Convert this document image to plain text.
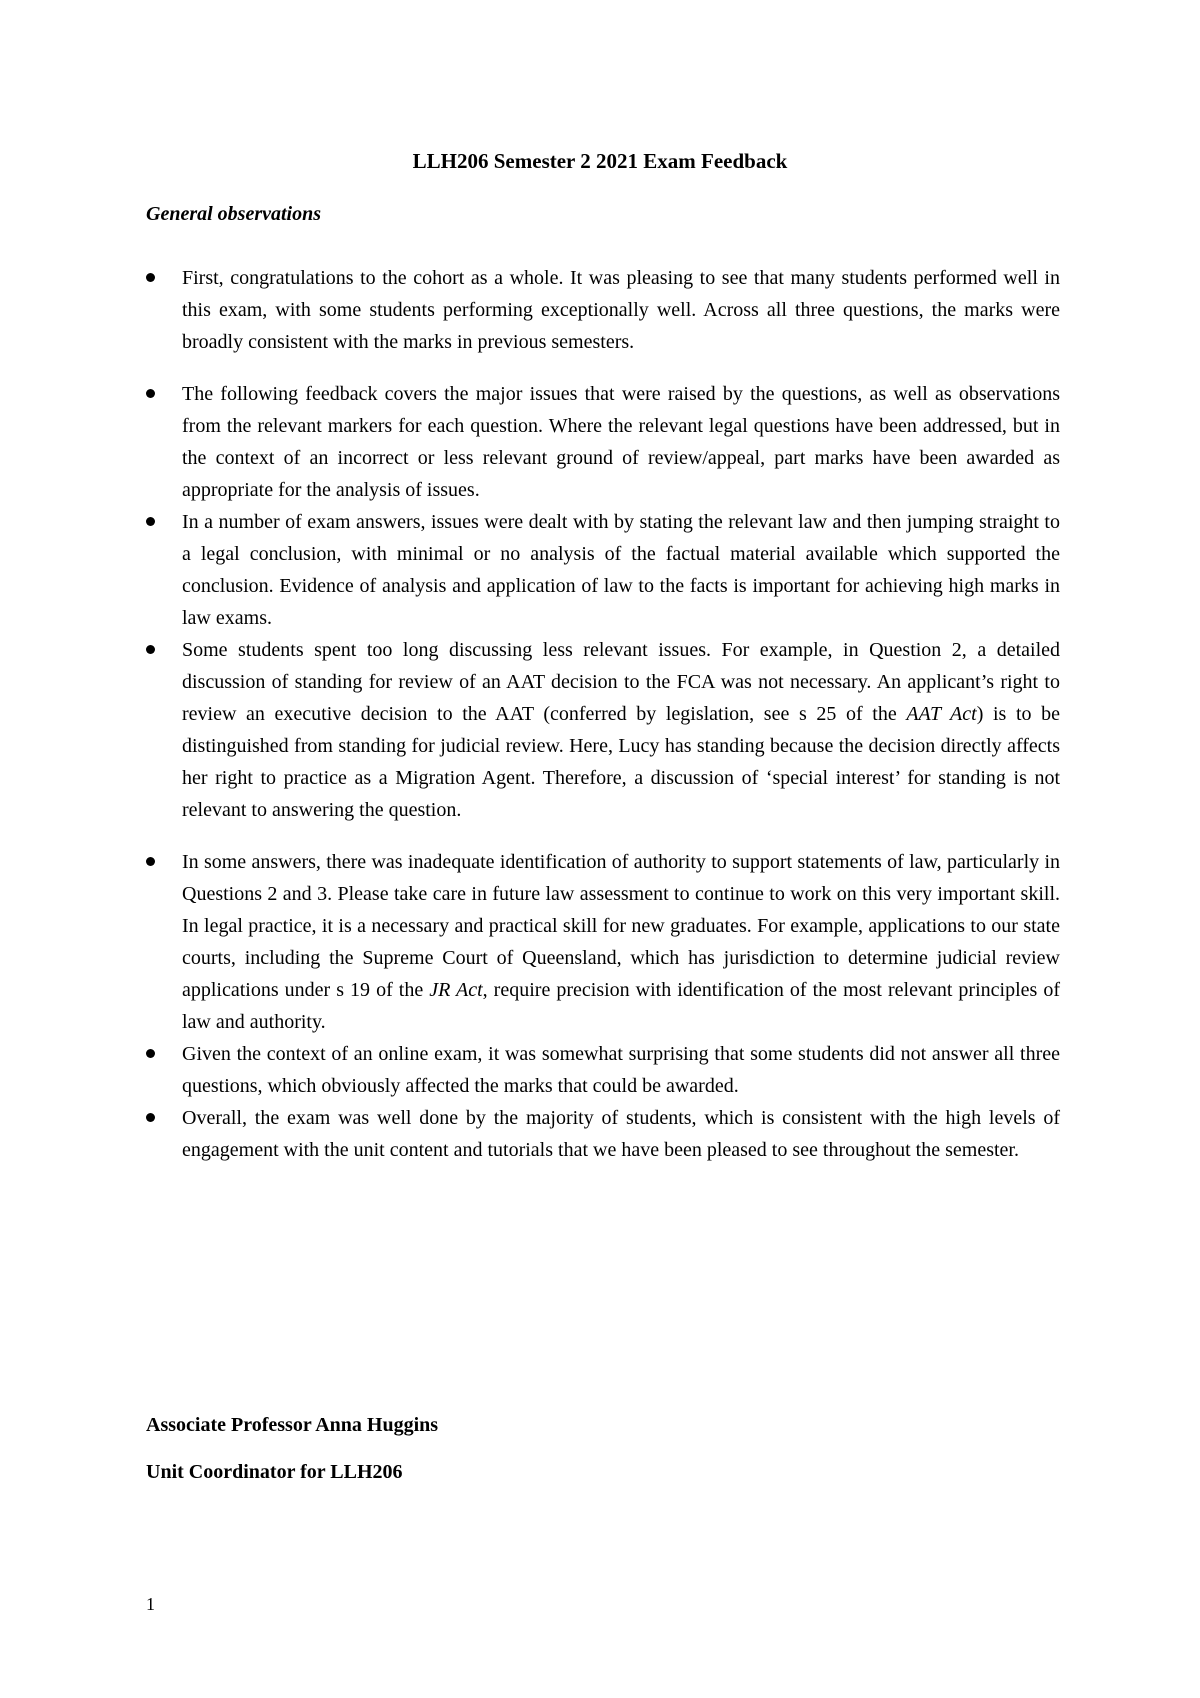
LLH206 Semester 2 2021 Exam Feedback
General observations
First, congratulations to the cohort as a whole. It was pleasing to see that many students performed well in this exam, with some students performing exceptionally well. Across all three questions, the marks were broadly consistent with the marks in previous semesters.
The following feedback covers the major issues that were raised by the questions, as well as observations from the relevant markers for each question. Where the relevant legal questions have been addressed, but in the context of an incorrect or less relevant ground of review/appeal, part marks have been awarded as appropriate for the analysis of issues.
In a number of exam answers, issues were dealt with by stating the relevant law and then jumping straight to a legal conclusion, with minimal or no analysis of the factual material available which supported the conclusion. Evidence of analysis and application of law to the facts is important for achieving high marks in law exams.
Some students spent too long discussing less relevant issues. For example, in Question 2, a detailed discussion of standing for review of an AAT decision to the FCA was not necessary. An applicant’s right to review an executive decision to the AAT (conferred by legislation, see s 25 of the AAT Act) is to be distinguished from standing for judicial review. Here, Lucy has standing because the decision directly affects her right to practice as a Migration Agent. Therefore, a discussion of ‘special interest’ for standing is not relevant to answering the question.
In some answers, there was inadequate identification of authority to support statements of law, particularly in Questions 2 and 3. Please take care in future law assessment to continue to work on this very important skill. In legal practice, it is a necessary and practical skill for new graduates. For example, applications to our state courts, including the Supreme Court of Queensland, which has jurisdiction to determine judicial review applications under s 19 of the JR Act, require precision with identification of the most relevant principles of law and authority.
Given the context of an online exam, it was somewhat surprising that some students did not answer all three questions, which obviously affected the marks that could be awarded.
Overall, the exam was well done by the majority of students, which is consistent with the high levels of engagement with the unit content and tutorials that we have been pleased to see throughout the semester.
Associate Professor Anna Huggins
Unit Coordinator for LLH206
1
